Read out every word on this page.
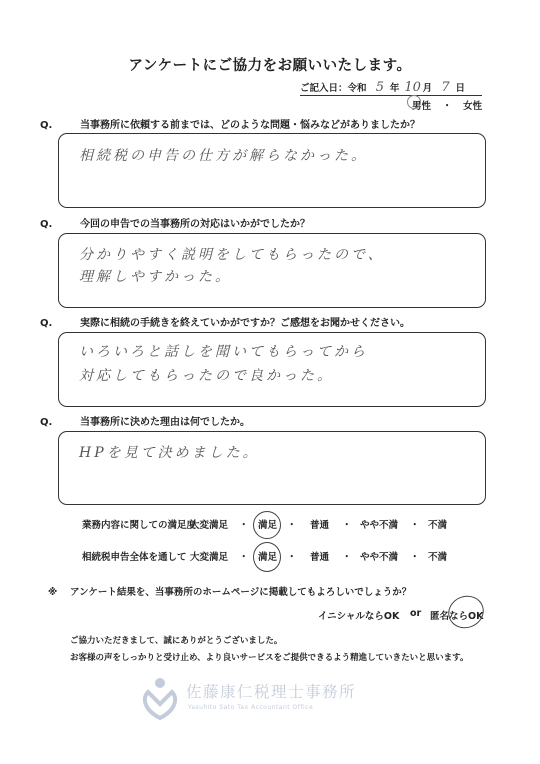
アンケートにご協力をお願いいたします。
ご記入日：令和 5 年 10 月 7 日
男性 ・ 女性
Q.	当事務所に依頼する前までは、どのような問題・悩みなどがありましたか？
相続税の申告の仕方が解らなかった。
Q.	今回の申告での当事務所の対応はいかがでしたか？
分かりやすく説明をしてもらったので、
理解しやすかった。
Q.	実際に相続の手続きを終えていかがですか？ご感想をお聞かせください。
いろいろと話しを聞いてもらってから
対応してもらったので良かった。
Q.	当事務所に決めた理由は何でしたか。
HPを見て決めました。
業務内容に関しての満足度
大変満足 ・ 満足 ・ 普通 ・ やや不満 ・ 不満
相続税申告全体を通して 大変満足 ・ 満足 ・ 普通 ・ やや不満 ・ 不満
※ アンケート結果を、当事務所のホームページに掲載してもよろしいでしょうか？
イニシャルならOK or 匿名ならOK
ご協力いただきまして、誠にありがとうございました。
お客様の声をしっかりと受け止め、より良いサービスをご提供できるよう精進していきたいと思います。
佐藤康仁税理士事務所
Yasuhito Sato Tax Accountant Office
